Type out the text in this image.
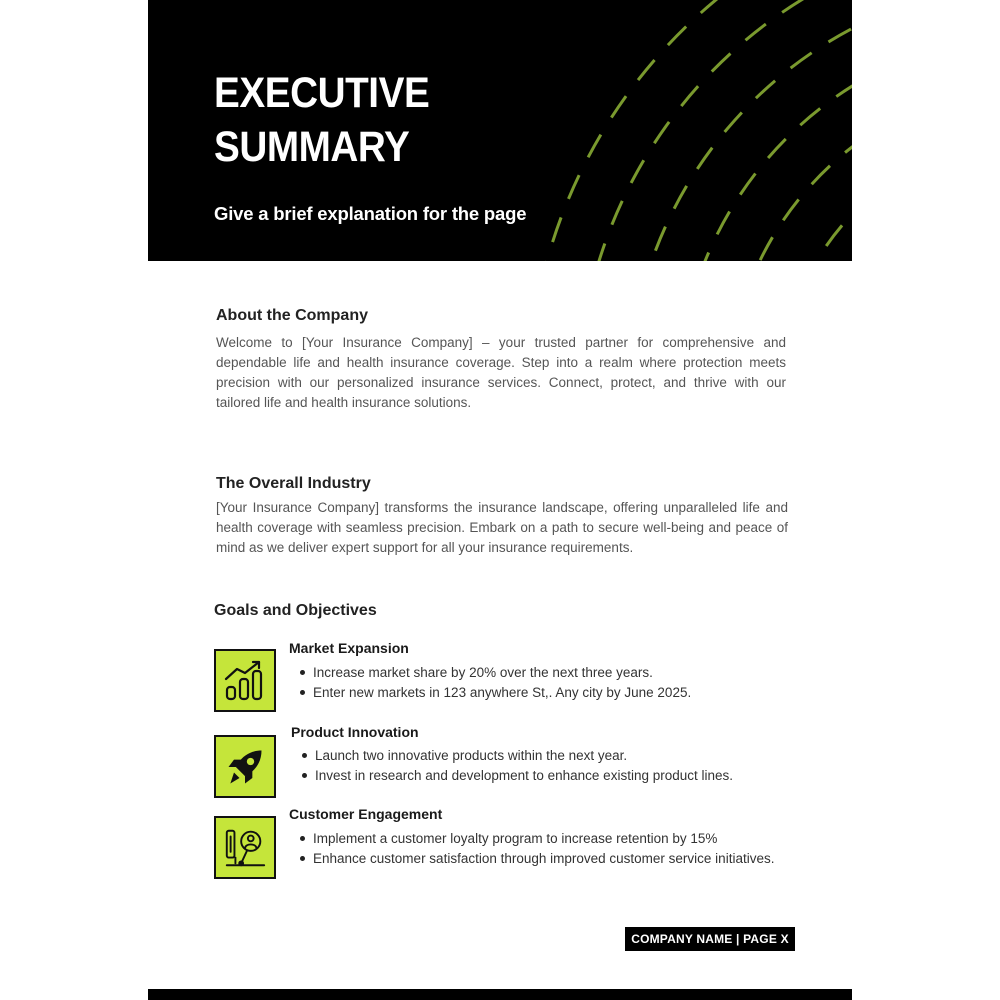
EXECUTIVE
SUMMARY
Give a brief explanation for the page
About the Company

Welcome to [Your Insurance Company] – your trusted partner for comprehensive and dependable life and health insurance coverage. Step into a realm where protection meets precision with our personalized insurance services. Connect, protect, and thrive with our tailored life and health insurance solutions.

The Overall Industry

[Your Insurance Company] transforms the insurance landscape, offering unparalleled life and health coverage with seamless precision. Embark on a path to secure well-being and peace of mind as we deliver expert support for all your insurance requirements.

Goals and Objectives
Market Expansion
Increase market share by 20% over the next three years.
Enter new markets in 123 anywhere St,. Any city by June 2025.
Product Innovation
Launch two innovative products within the next year.
Invest in research and development to enhance existing product lines.
Customer Engagement
Implement a customer loyalty program to increase retention by 15%
Enhance customer satisfaction through improved customer service initiatives.
COMPANY NAME | PAGE X
